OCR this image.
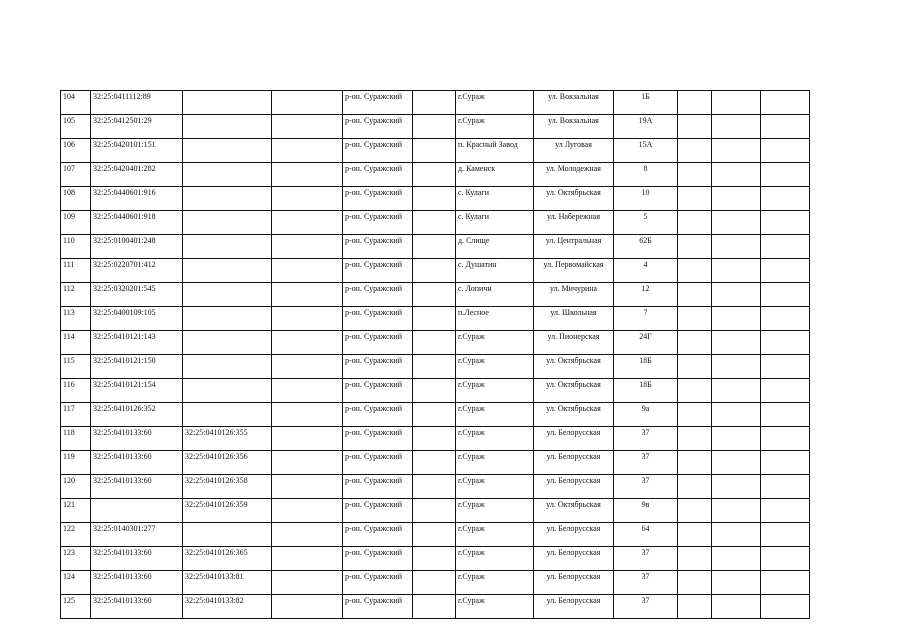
104	32:25:0411112:89			р-он. Суражский		г.Сураж	ул. Вокзальная	1Б			
105	32:25:0412501:29			р-он. Суражский		г.Сураж	ул. Вокзальная	19А			
106	32:25:0420101:151			р-он. Суражский		п. Красный Завод	ул Луговая	15А			
107	32:25:0420401:282			р-он. Суражский		д. Каменск	ул. Молодежная	8			
108	32:25:0440601:916			р-он. Суражский		с. Кулаги	ул. Октябрьская	10			
109	32:25:0440601:918			р-он. Суражский		с. Кулаги	ул. Набережная	5			
110	32:25:0100401:248			р-он. Суражский		д. Слище	ул. Центральная	62Б			
111	32:25:0220701:412			р-он. Суражский		с. Душатин	ул. Первомайская	4			
112	32:25:0320201:545			р-он. Суражский		с. Лопичи	ул. Мичурина	12			
113	32:25:0400109:105			р-он. Суражский		п.Лесное	ул. Школьная	7			
114	32:25:0410121:143			р-он. Суражский		г.Сураж	ул. Пионерская	24Г			
115	32:25:0410121:150			р-он. Суражский		г.Сураж	ул. Октябрьская	18Б			
116	32:25:0410121:154			р-он. Суражский		г.Сураж	ул. Октябрьская	18Б			
117	32:25:0410126:352			р-он. Суражский		г.Сураж	ул. Октябрьская	9а			
118	32:25:0410133:60	32:25:0410126:355		р-он. Суражский		г.Сураж	ул. Белорусская	37			
119	32:25:0410133:60	32:25:0410126:356		р-он. Суражский		г.Сураж	ул. Белорусская	37			
120	32:25:0410133:60	32:25:0410126:358		р-он. Суражский		г.Сураж	ул. Белорусская	37			
121		32:25:0410126:359		р-он. Суражский		г.Сураж	ул. Октябрьская	9в			
122	32:25:0140301:277			р-он. Суражский		г.Сураж	ул. Белорусская	64			
123	32:25:0410133:60	32:25:0410126:365		р-он. Суражский		г.Сураж	ул. Белорусская	37			
124	32:25:0410133:60	32:25:0410133:81		р-он. Суражский		г.Сураж	ул. Белорусская	37			
125	32:25:0410133:60	32:25:0410133:82		р-он. Суражский		г.Сураж	ул. Белорусская	37			
